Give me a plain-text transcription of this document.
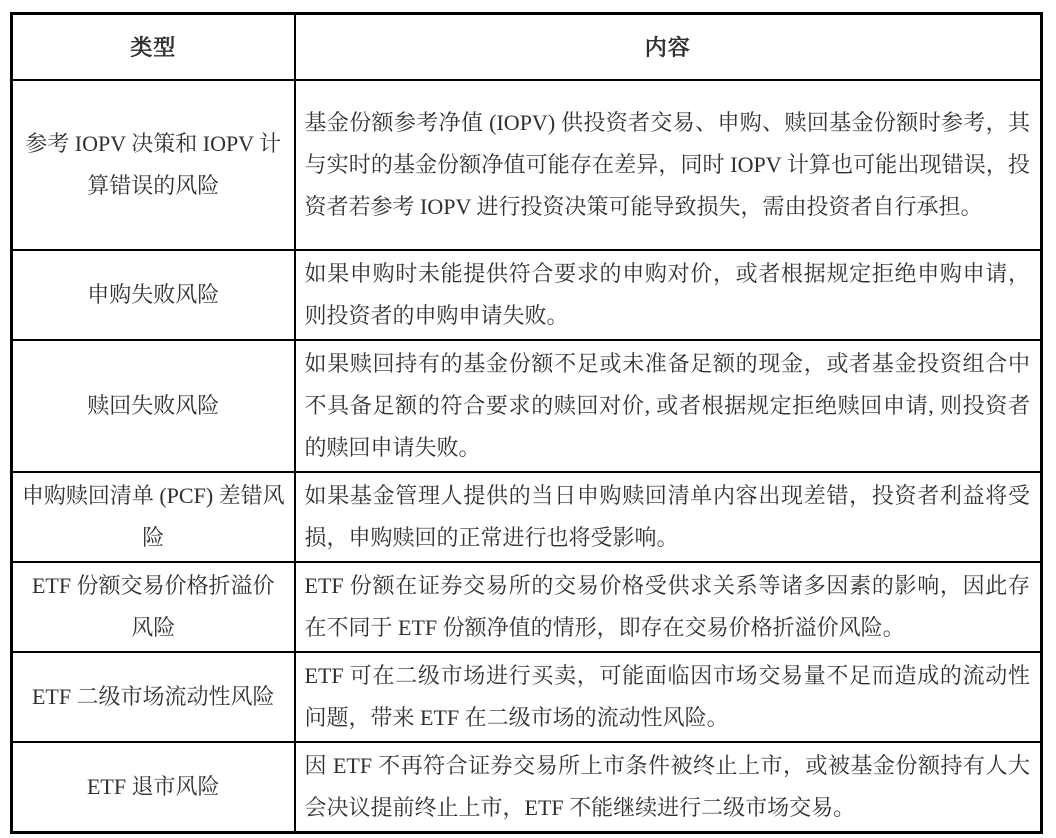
类型	内容
参考 IOPV 决策和 IOPV 计算错误的风险	基金份额参考净值 (IOPV) 供投资者交易、申购、赎回基金份额时参考，其与实时的基金份额净值可能存在差异，同时 IOPV 计算也可能出现错误，投资者若参考 IOPV 进行投资决策可能导致损失，需由投资者自行承担。
申购失败风险	如果申购时未能提供符合要求的申购对价，或者根据规定拒绝申购申请，则投资者的申购申请失败。
赎回失败风险	如果赎回持有的基金份额不足或未准备足额的现金，或者基金投资组合中不具备足额的符合要求的赎回对价, 或者根据规定拒绝赎回申请, 则投资者的赎回申请失败。
申购赎回清单 (PCF) 差错风险	如果基金管理人提供的当日申购赎回清单内容出现差错，投资者利益将受损，申购赎回的正常进行也将受影响。
ETF 份额交易价格折溢价风险	ETF 份额在证券交易所的交易价格受供求关系等诸多因素的影响，因此存在不同于 ETF 份额净值的情形，即存在交易价格折溢价风险。
ETF 二级市场流动性风险	ETF 可在二级市场进行买卖，可能面临因市场交易量不足而造成的流动性问题，带来 ETF 在二级市场的流动性风险。
ETF 退市风险	因 ETF 不再符合证券交易所上市条件被终止上市，或被基金份额持有人大会决议提前终止上市，ETF 不能继续进行二级市场交易。
